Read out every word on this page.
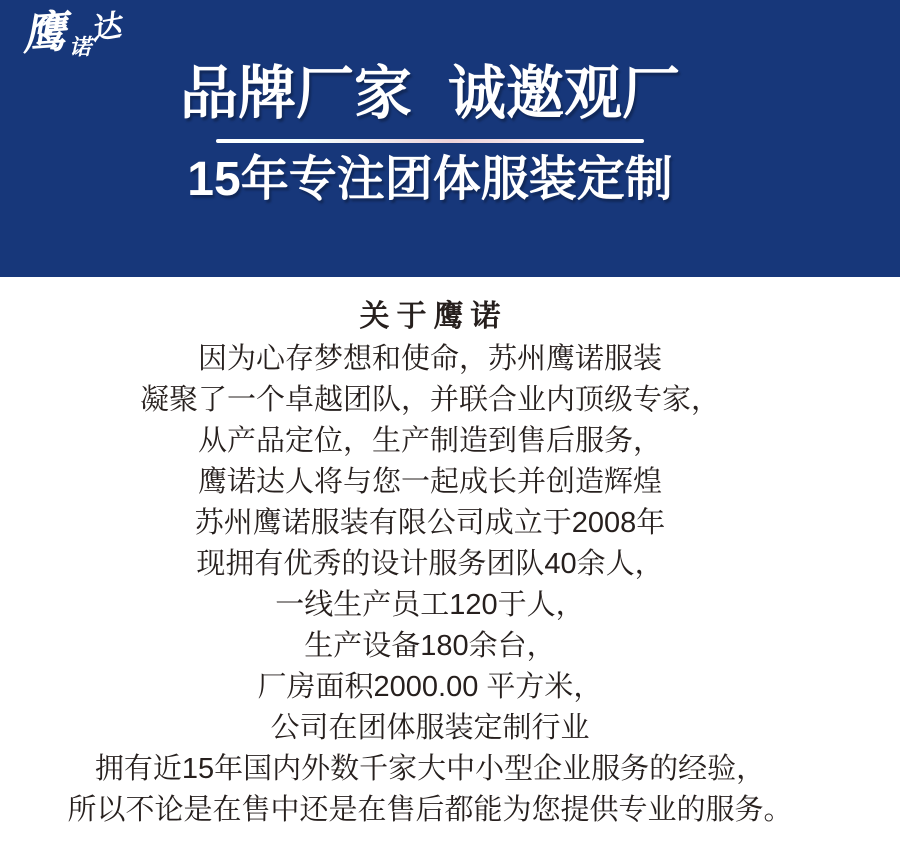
鹰诺达
品牌厂家 诚邀观厂
15年专注团体服装定制
关于鹰诺

因为心存梦想和使命，苏州鹰诺服装

凝聚了一个卓越团队，并联合业内顶级专家，

从产品定位，生产制造到售后服务，

鹰诺达人将与您一起成长并创造辉煌

苏州鹰诺服装有限公司成立于2008年

现拥有优秀的设计服务团队40余人，

一线生产员工120于人，

生产设备180余台，

厂房面积2000.00 平方米，

公司在团体服装定制行业

拥有近15年国内外数千家大中小型企业服务的经验，

所以不论是在售中还是在售后都能为您提供专业的服务。
